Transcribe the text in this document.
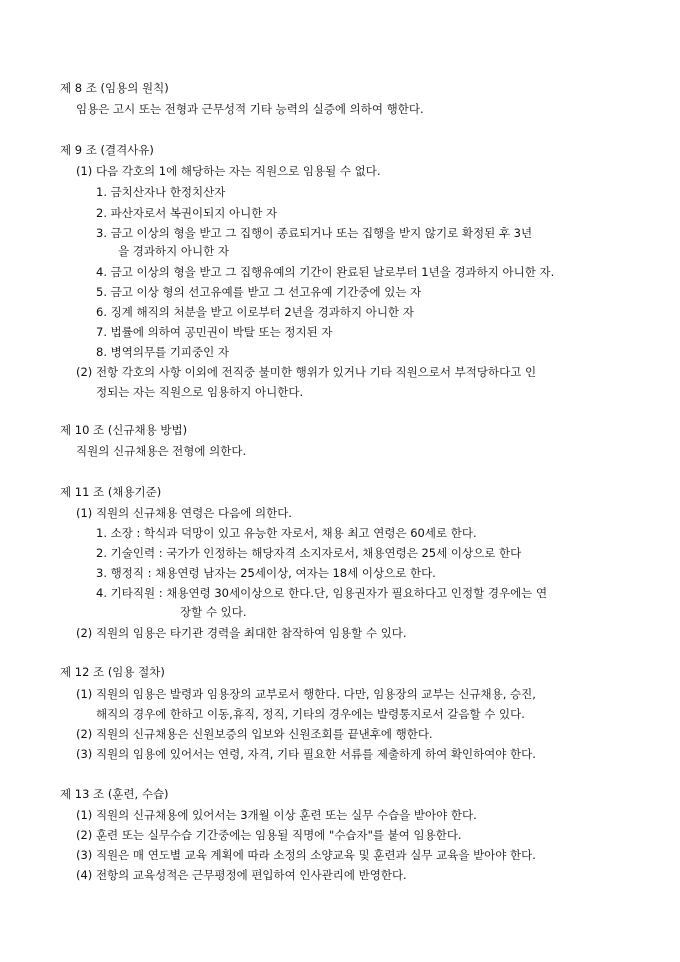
제 8 조 (임용의 원칙)
임용은 고시 또는 전형과 근무성적 기타 능력의 실증에 의하여 행한다.
제 9 조 (결격사유)
(1) 다음 각호의 1에 해당하는 자는 직원으로 임용될 수 없다.
1. 금치산자나 한정치산자
2. 파산자로서 복권이되지 아니한 자
3. 금고 이상의 형을 받고 그 집행이 종료되거나 또는 집행을 받지 않기로 확정된 후 3년
을 경과하지 아니한 자
4. 금고 이상의 형을 받고 그 집행유예의 기간이 완료된 날로부터 1년을 경과하지 아니한 자.
5. 금고 이상 형의 선고유예를 받고 그 선고유예 기간중에 있는 자
6. 징계 해직의 처분을 받고 이로부터 2년을 경과하지 아니한 자
7. 법률에 의하여 공민권이 박탈 또는 정지된 자
8. 병역의무를 기피중인 자
(2) 전항 각호의 사항 이외에 전직중 불미한 행위가 있거나 기타 직원으로서 부적당하다고 인
정되는 자는 직원으로 임용하지 아니한다.
제 10 조 (신규채용 방법)
직원의 신규채용은 전형에 의한다.
제 11 조 (채용기준)
(1) 직원의 신규채용 연령은 다음에 의한다.
1. 소장 : 학식과 덕망이 있고 유능한 자로서, 채용 최고 연령은 60세로 한다.
2. 기술인력 : 국가가 인정하는 해당자격 소지자로서, 채용연령은 25세 이상으로 한다
3. 행정직 : 채용연령 남자는 25세이상, 여자는 18세 이상으로 한다.
4. 기타직원 : 채용연령 30세이상으로 한다.단, 임용권자가 필요하다고 인정할 경우에는 연
장할 수 있다.
(2) 직원의 임용은 타기관 경력을 최대한 참작하여 임용할 수 있다.
제 12 조 (임용 절차)
(1) 직원의 임용은 발령과 임용장의 교부로서 행한다. 다만, 임용장의 교부는 신규채용, 승진,
해직의 경우에 한하고 이동,휴직, 정직, 기타의 경우에는 발령통지로서 갈음할 수 있다.
(2) 직원의 신규채용은 신원보증의 입보와 신원조회를 끝낸후에 행한다.
(3) 직원의 임용에 있어서는 연령, 자격, 기타 필요한 서류를 제출하게 하여 확인하여야 한다.
제 13 조 (훈련, 수습)
(1) 직원의 신규채용에 있어서는 3개월 이상 훈련 또는 실무 수습을 받아야 한다.
(2) 훈련 또는 실무수습 기간중에는 임용될 직명에 "수습자"를 붙여 임용한다.
(3) 직원은 매 연도별 교육 계획에 따라 소정의 소양교육 및 훈련과 실무 교육을 받아야 한다.
(4) 전항의 교육성적은 근무평정에 편입하여 인사관리에 반영한다.
